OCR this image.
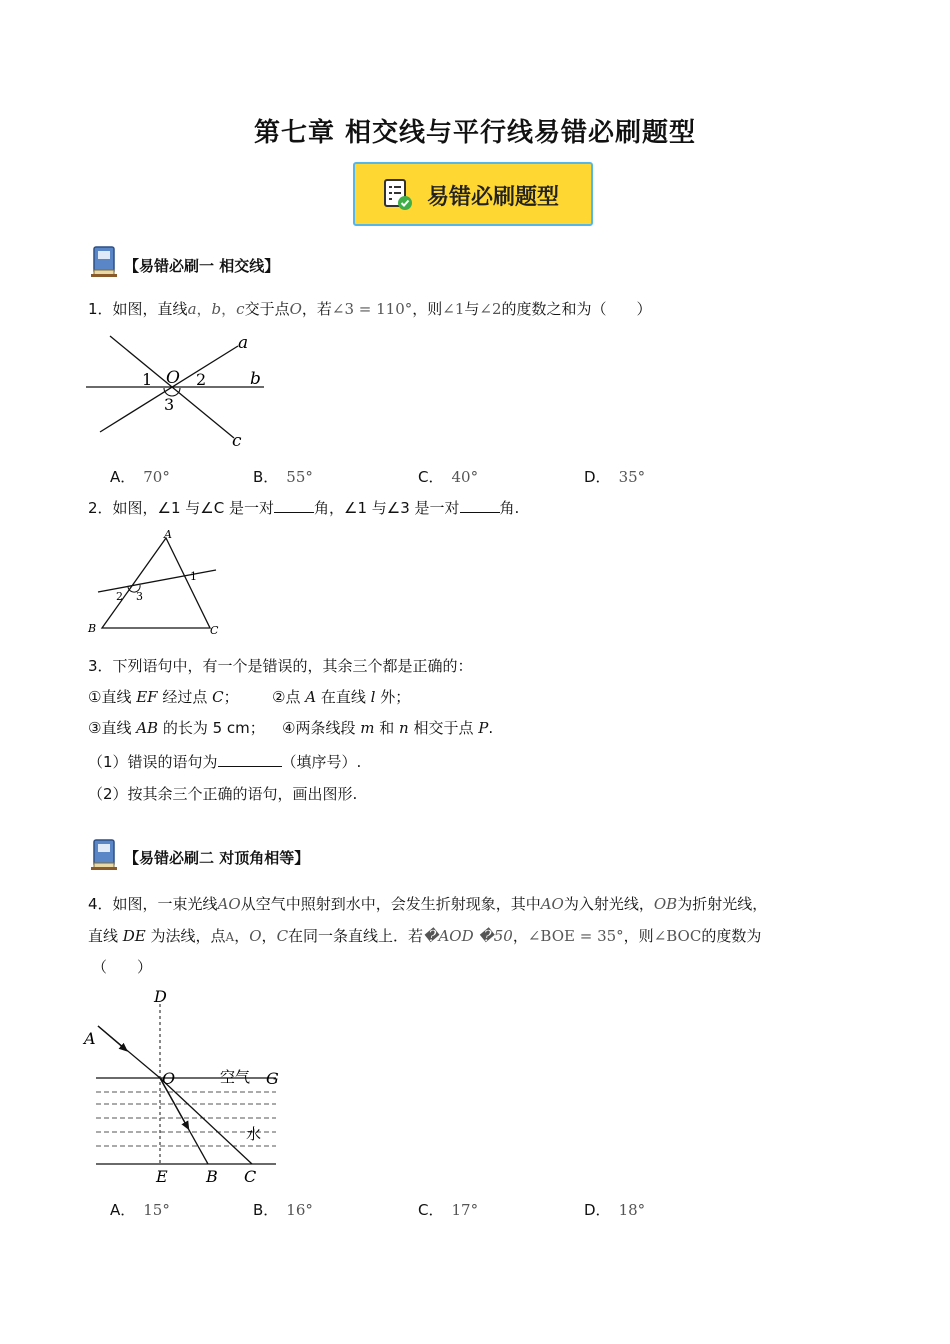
第七章 相交线与平行线易错必刷题型
易错必刷题型
【易错必刷一 相交线】
1．如图，直线a，b，c交于点O，若∠3 = 110°，则∠1与∠2的度数之和为（　　）
a
b
c
O
1	2
3
A． 70°	B． 55°	C． 40°	D． 35°
2．如图，∠1 与∠C 是一对	角，∠1 与∠3 是一对	角.
A
B	C
1
2 3
3．下列语句中，有一个是错误的，其余三个都是正确的：
①直线 EF 经过点 C； ②点 A 在直线 l 外；
③直线 AB 的长为 5 cm； ④两条线段 m 和 n 相交于点 P.
（1）错误的语句为	（填序号）.
（2）按其余三个正确的语句，画出图形.
【易错必刷二 对顶角相等】
4．如图，一束光线AO从空气中照射到水中，会发生折射现象，其中AO为入射光线，OB为折射光线，
直线 DE 为法线，点A，O，C在同一条直线上．若�AOD �50，∠BOE = 35°，则∠BOC的度数为
（　　）
D
A
O	G
E B C
空气
水
A． 15°	B． 16°	C． 17°	D． 18°
